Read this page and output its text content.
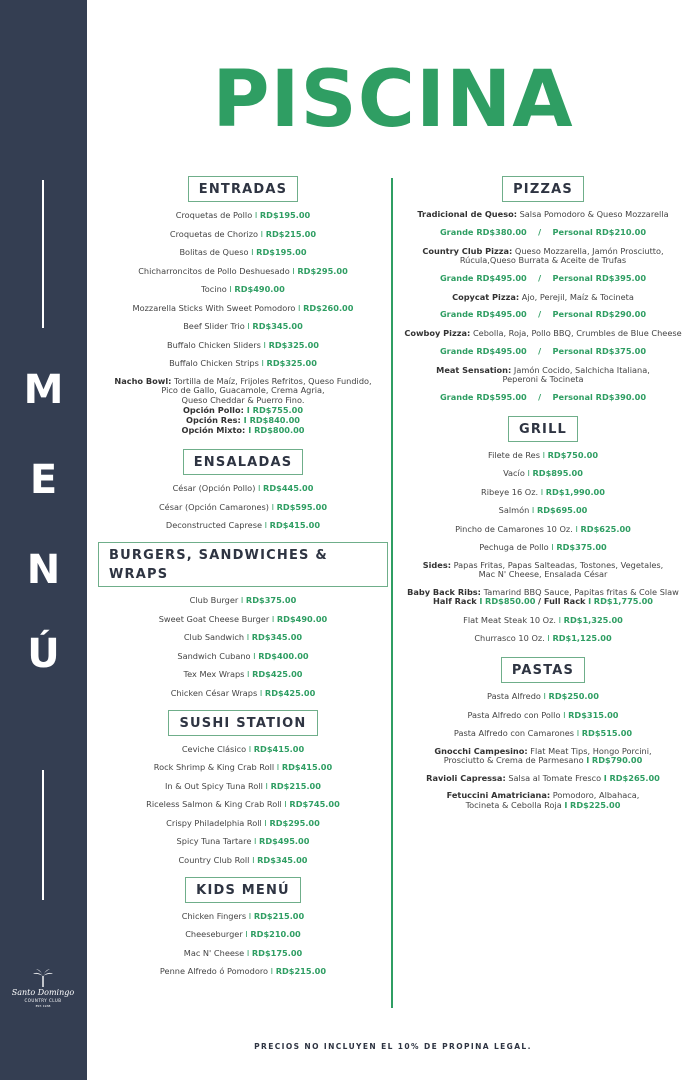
M
E
N
Ú
Santo Domingo
COUNTRY CLUB
EST. 1938
PISCINA
ENTRADAS
Croquetas de Pollo I RD$195.00
Croquetas de Chorizo I RD$215.00
Bolitas de Queso I RD$195.00
Chicharroncitos de Pollo Deshuesado I RD$295.00
Tocino I RD$490.00
Mozzarella Sticks With Sweet Pomodoro I RD$260.00
Beef Slider Trio I RD$345.00
Buffalo Chicken Sliders I RD$325.00
Buffalo Chicken Strips I RD$325.00
Nacho Bowl: Tortilla de Maíz, Frijoles Refritos, Queso Fundido,
Pico de Gallo, Guacamole, Crema Agria,
Queso Cheddar & Puerro Fino.
Opción Pollo: I RD$755.00
Opción Res: I RD$840.00
Opción Mixto: I RD$800.00
ENSALADAS
César (Opción Pollo) I RD$445.00
César (Opción Camarones) I RD$595.00
Deconstructed Caprese I RD$415.00
BURGERS, SANDWICHES & WRAPS
Club Burger I RD$375.00
Sweet Goat Cheese Burger I RD$490.00
Club Sandwich I RD$345.00
Sandwich Cubano I RD$400.00
Tex Mex Wraps I RD$425.00
Chicken César Wraps I RD$425.00
SUSHI STATION
Ceviche Clásico I RD$415.00
Rock Shrimp & King Crab Roll I RD$415.00
In & Out Spicy Tuna Roll I RD$215.00
Riceless Salmon & King Crab Roll I RD$745.00
Crispy Philadelphia Roll I RD$295.00
Spicy Tuna Tartare I RD$495.00
Country Club Roll I RD$345.00
KIDS MENÚ
Chicken Fingers I RD$215.00
Cheeseburger I RD$210.00
Mac N' Cheese I RD$175.00
Penne Alfredo ó Pomodoro I RD$215.00
PIZZAS
Tradicional de Queso: Salsa Pomodoro & Queso Mozzarella
Grande RD$380.00 / Personal RD$210.00
Country Club Pizza: Queso Mozzarella, Jamón Prosciutto,
Rúcula,Queso Burrata & Aceite de Trufas
Grande RD$495.00 / Personal RD$395.00
Copycat Pizza: Ajo, Perejil, Maíz & Tocineta
Grande RD$495.00 / Personal RD$290.00
Cowboy Pizza: Cebolla, Roja, Pollo BBQ, Crumbles de Blue Cheese
Grande RD$495.00 / Personal RD$375.00
Meat Sensation: Jamón Cocido, Salchicha Italiana,
Peperoni & Tocineta
Grande RD$595.00 / Personal RD$390.00
GRILL
Filete de Res I RD$750.00
Vacío I RD$895.00
Ribeye 16 Oz. I RD$1,990.00
Salmón I RD$695.00
Pincho de Camarones 10 Oz. I RD$625.00
Pechuga de Pollo I RD$375.00
Sides: Papas Fritas, Papas Salteadas, Tostones, Vegetales,
Mac N' Cheese, Ensalada César
Baby Back Ribs: Tamarind BBQ Sauce, Papitas fritas & Cole Slaw
Half Rack I RD$850.00 / Full Rack I RD$1,775.00
Flat Meat Steak 10 Oz. I RD$1,325.00
Churrasco 10 Oz. I RD$1,125.00
PASTAS
Pasta Alfredo I RD$250.00
Pasta Alfredo con Pollo I RD$315.00
Pasta Alfredo con Camarones I RD$515.00
Gnocchi Campesino: Flat Meat Tips, Hongo Porcini,
Prosciutto & Crema de Parmesano I RD$790.00
Ravioli Capressa: Salsa al Tomate Fresco I RD$265.00
Fetuccini Amatriciana: Pomodoro, Albahaca,
Tocineta & Cebolla Roja I RD$225.00
PRECIOS NO INCLUYEN EL 10% DE PROPINA LEGAL.
